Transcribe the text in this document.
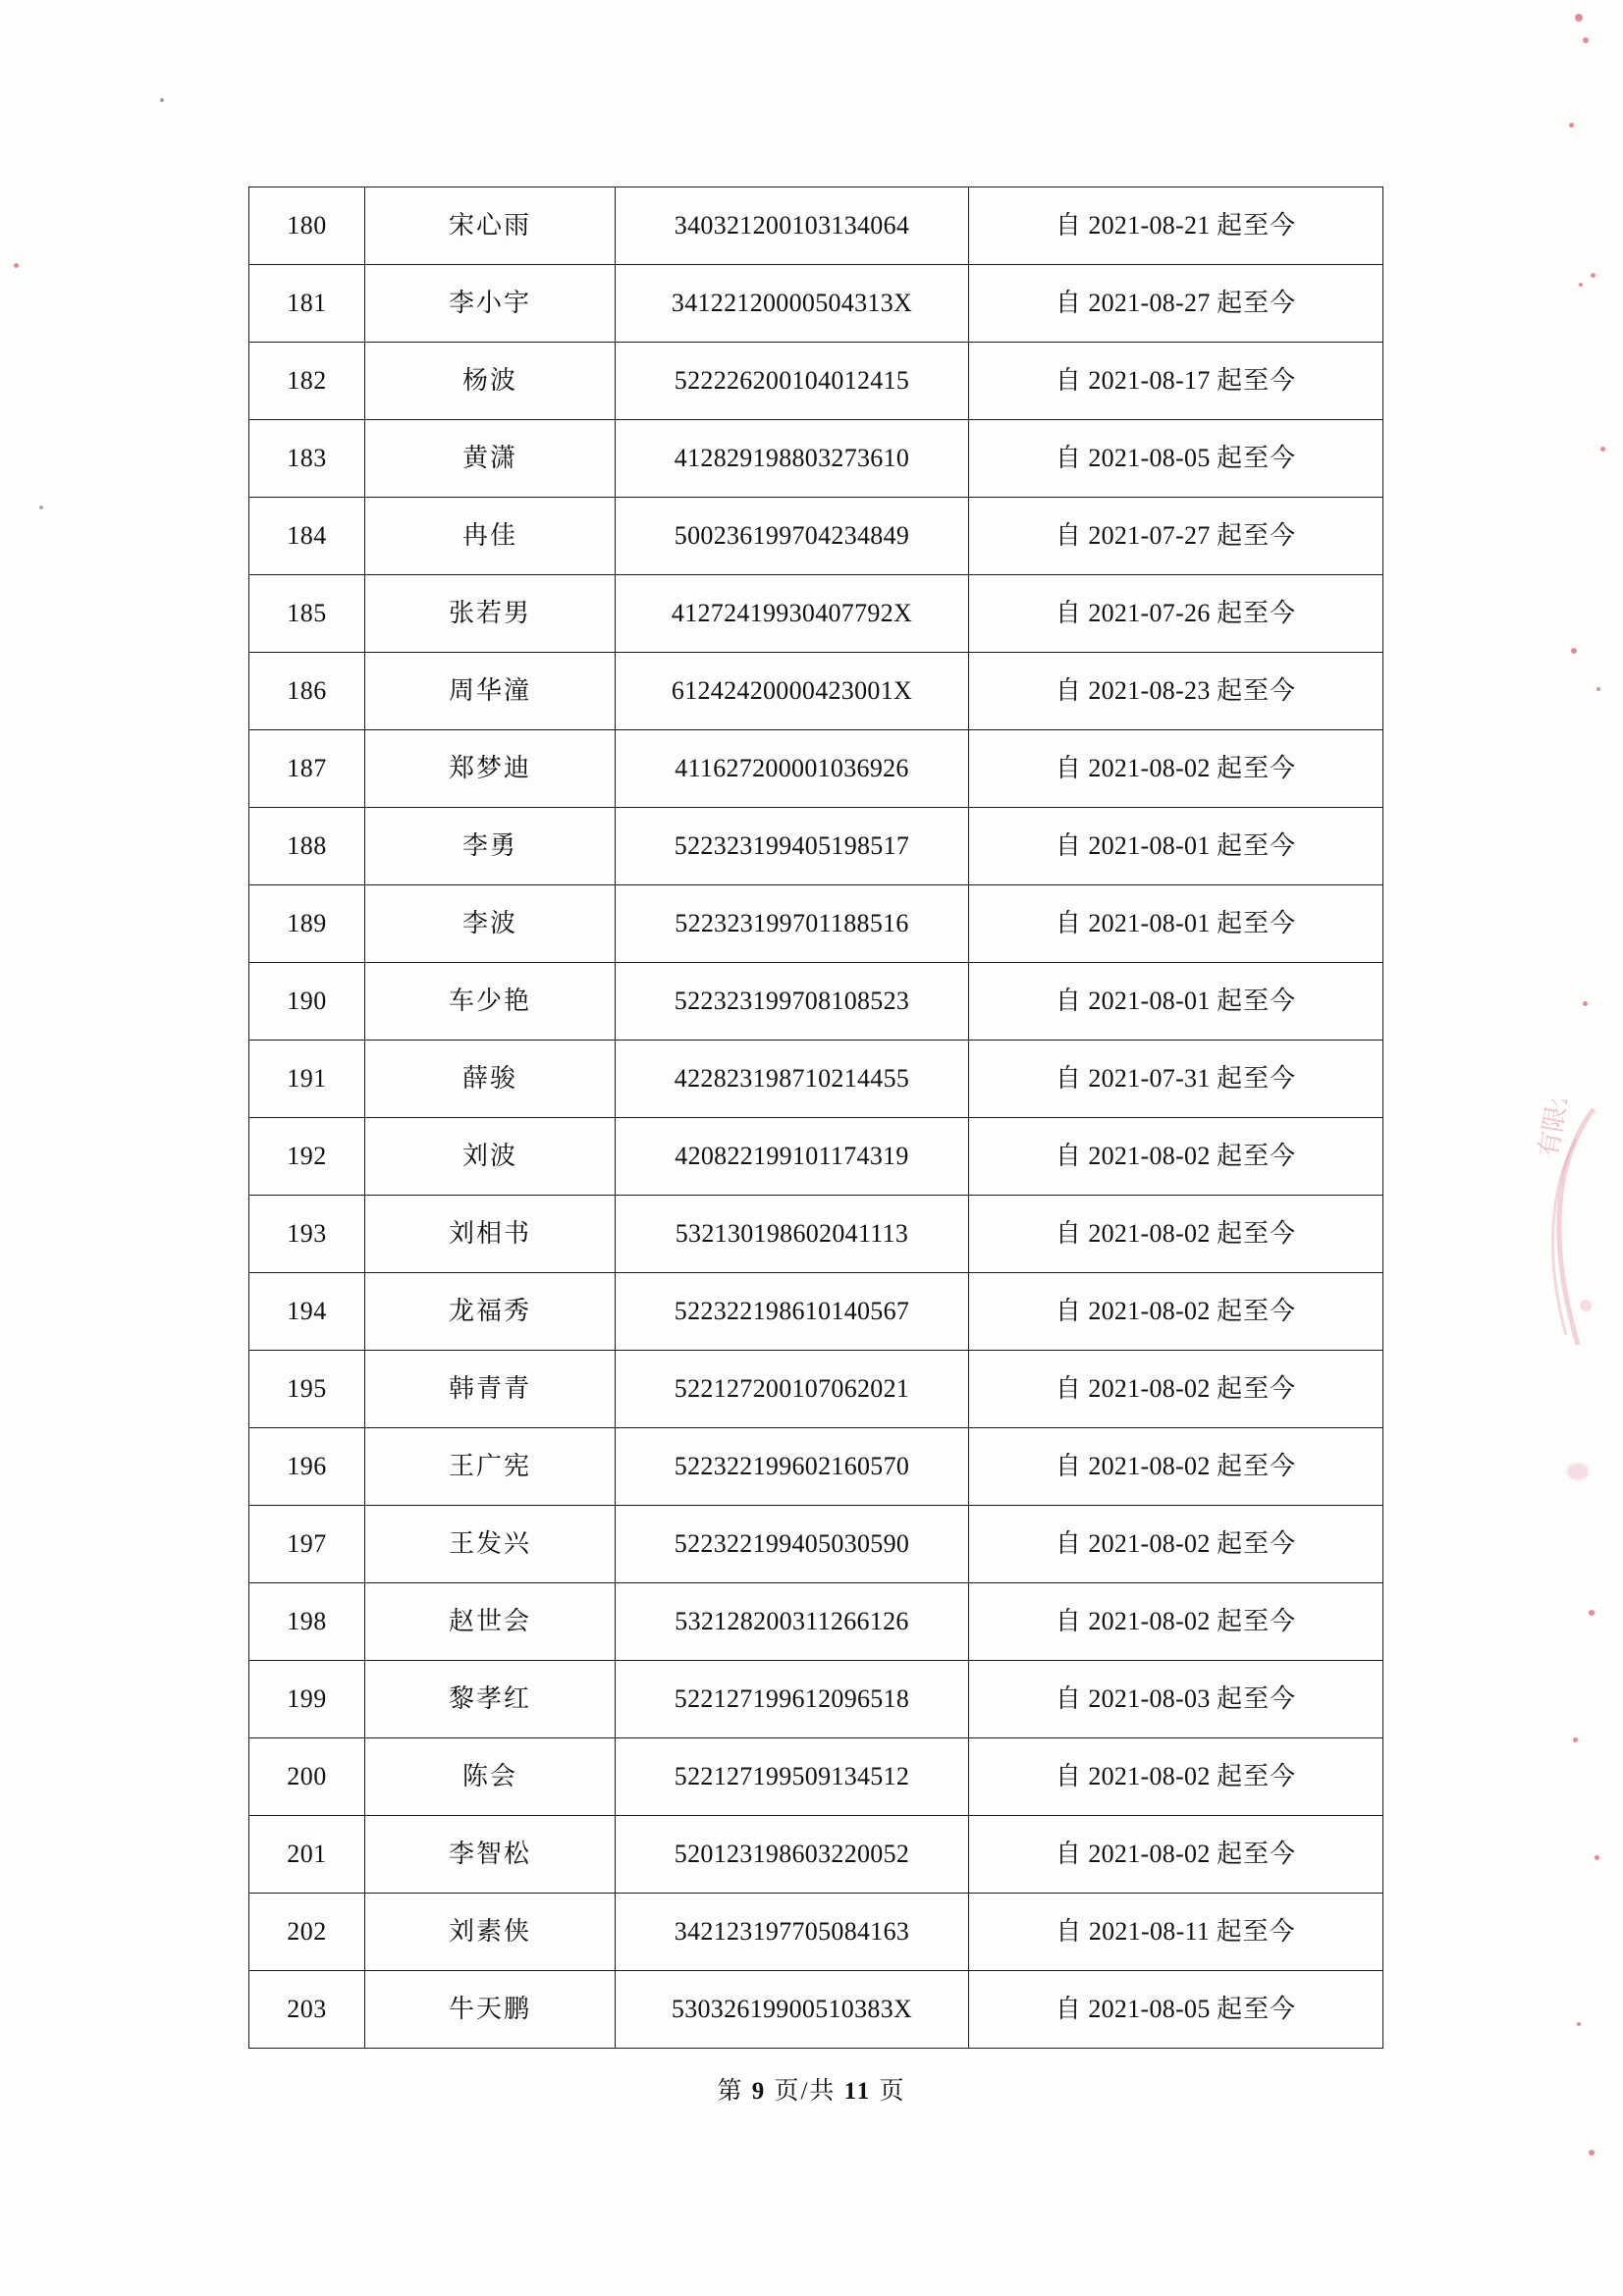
有限公司
180	宋心雨	340321200103134064	自 2021-08-21 起至今
181	李小宇	34122120000504313X	自 2021-08-27 起至今
182	杨波	522226200104012415	自 2021-08-17 起至今
183	黄潇	412829198803273610	自 2021-08-05 起至今
184	冉佳	500236199704234849	自 2021-07-27 起至今
185	张若男	41272419930407792X	自 2021-07-26 起至今
186	周华潼	61242420000423001X	自 2021-08-23 起至今
187	郑梦迪	411627200001036926	自 2021-08-02 起至今
188	李勇	522323199405198517	自 2021-08-01 起至今
189	李波	522323199701188516	自 2021-08-01 起至今
190	车少艳	522323199708108523	自 2021-08-01 起至今
191	薛骏	422823198710214455	自 2021-07-31 起至今
192	刘波	420822199101174319	自 2021-08-02 起至今
193	刘相书	532130198602041113	自 2021-08-02 起至今
194	龙福秀	522322198610140567	自 2021-08-02 起至今
195	韩青青	522127200107062021	自 2021-08-02 起至今
196	王广宪	522322199602160570	自 2021-08-02 起至今
197	王发兴	522322199405030590	自 2021-08-02 起至今
198	赵世会	532128200311266126	自 2021-08-02 起至今
199	黎孝红	522127199612096518	自 2021-08-03 起至今
200	陈会	522127199509134512	自 2021-08-02 起至今
201	李智松	520123198603220052	自 2021-08-02 起至今
202	刘素侠	342123197705084163	自 2021-08-11 起至今
203	牛天鹏	53032619900510383X	自 2021-08-05 起至今
第 9 页/共 11 页
